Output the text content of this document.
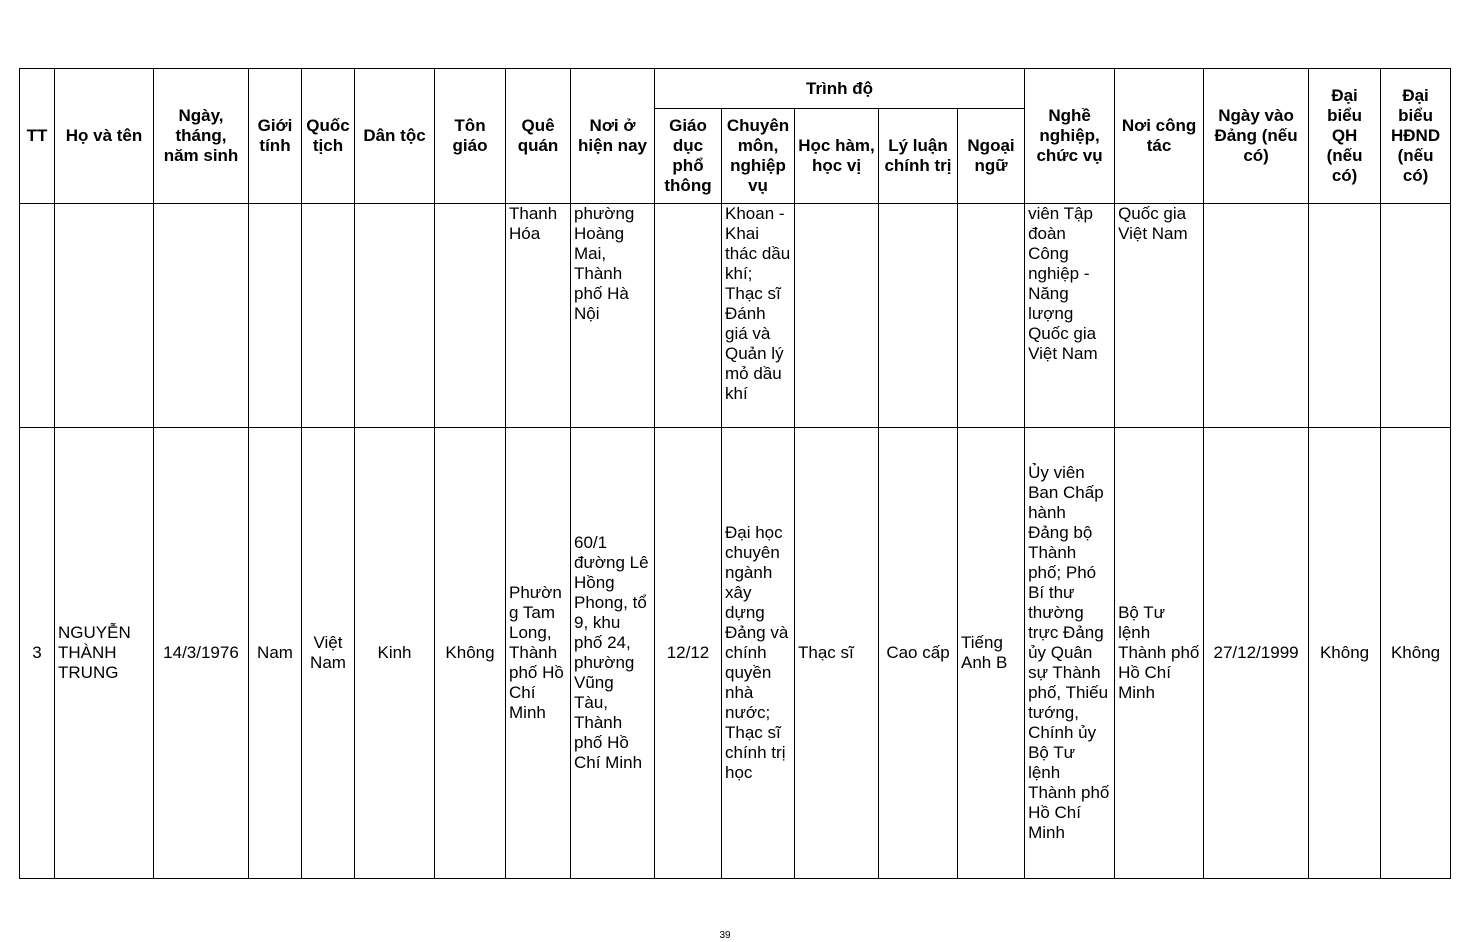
TT	Họ và tên	Ngày, tháng, năm sinh	Giới tính	Quốc tịch	Dân tộc	Tôn giáo	Quê quán	Nơi ở hiện nay	Trình độ					Nghề nghiệp, chức vụ	Nơi công tác	Ngày vào Đảng (nếu có)	Đại biểu QH (nếu có)	Đại biểu HĐND (nếu có)
									Giáo dục phổ thông	Chuyên môn, nghiệp vụ	Học hàm, học vị	Lý luận chính trị	Ngoại ngữ					
							Thanh Hóa	phường Hoàng Mai, Thành phố Hà Nội		Khoan - Khai thác dầu khí; Thạc sĩ Đánh giá và Quản lý mỏ dầu khí				viên Tập đoàn Công nghiệp - Năng lượng Quốc gia Việt Nam	Quốc gia Việt Nam			
3	NGUYỄN THÀNH TRUNG	14/3/1976	Nam	Việt Nam	Kinh	Không	Phường Tam Long, Thành phố Hồ Chí Minh	60/1 đường Lê Hồng Phong, tổ 9, khu phố 24, phường Vũng Tàu, Thành phố Hồ Chí Minh	12/12	Đại học chuyên ngành xây dựng Đảng và chính quyền nhà nước; Thạc sĩ chính trị học	Thạc sĩ	Cao cấp	Tiếng Anh B	Ủy viên Ban Chấp hành Đảng bộ Thành phố; Phó Bí thư thường trực Đảng ủy Quân sự Thành phố, Thiếu tướng, Chính ủy Bộ Tư lệnh Thành phố Hồ Chí Minh	Bộ Tư lệnh Thành phố Hồ Chí Minh	27/12/1999	Không	Không
39
